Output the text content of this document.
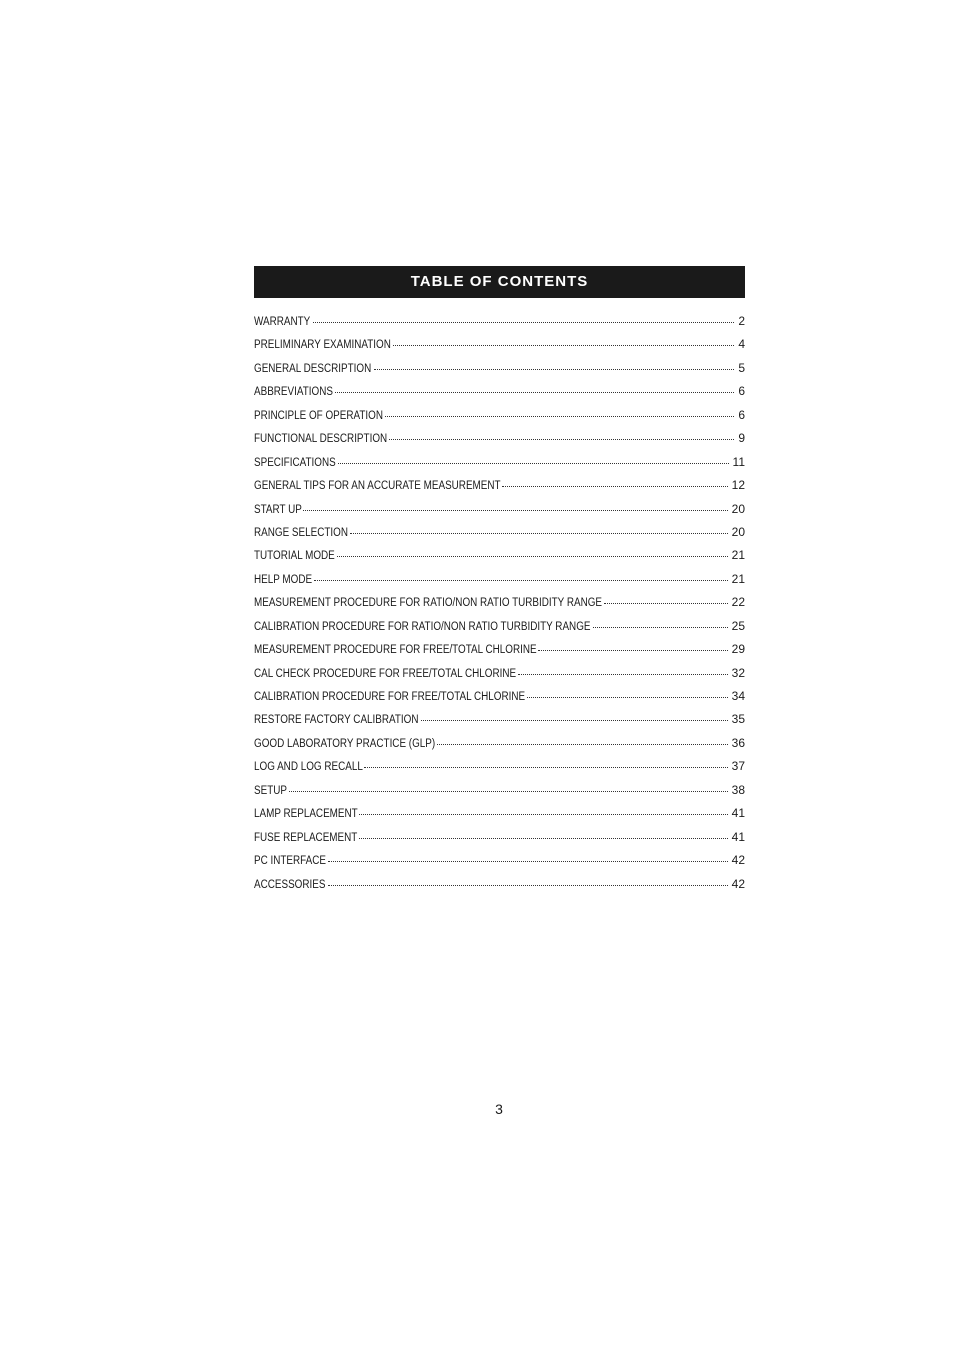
TABLE OF CONTENTS
WARRANTY	2
PRELIMINARY EXAMINATION	4
GENERAL DESCRIPTION	5
ABBREVIATIONS	6
PRINCIPLE OF OPERATION	6
FUNCTIONAL DESCRIPTION	9
SPECIFICATIONS	11
GENERAL TIPS FOR AN ACCURATE MEASUREMENT	12
START UP	20
RANGE SELECTION	20
TUTORIAL MODE	21
HELP MODE	21
MEASUREMENT PROCEDURE FOR RATIO/NON RATIO TURBIDITY RANGE	22
CALIBRATION PROCEDURE FOR RATIO/NON RATIO TURBIDITY RANGE	25
MEASUREMENT PROCEDURE FOR FREE/TOTAL CHLORINE	29
CAL CHECK PROCEDURE FOR FREE/TOTAL CHLORINE	32
CALIBRATION PROCEDURE FOR FREE/TOTAL CHLORINE	34
RESTORE FACTORY CALIBRATION	35
GOOD LABORATORY PRACTICE (GLP)	36
LOG AND LOG RECALL	37
SETUP	38
LAMP REPLACEMENT	41
FUSE REPLACEMENT	41
PC INTERFACE	42
ACCESSORIES	42
3
